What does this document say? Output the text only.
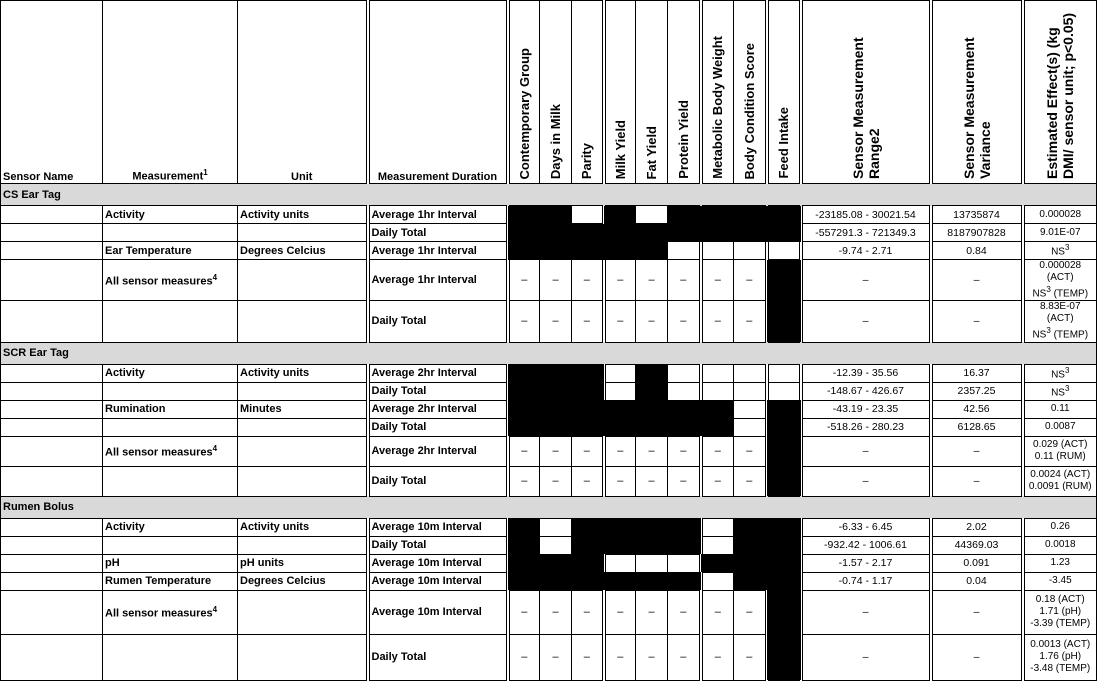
Sensor Name	Measurement$^1$	Unit	Measurement Duration	Contemporary Group	Days in Milk	Parity	Milk Yield	Fat Yield	Protein Yield	Metabolic Body Weight	Body Condition Score	Feed Intake	Sensor Measurement Range2	Sensor Measurement Variance	Estimated Effect(s) (kg DMI/ sensor unit; p<0.05)

CS Ear Tag															
	Activity	Activity units	Average 1hr Interval										-23185.08 - 30021.54	13735874	0.000028
			Daily Total										-557291.3 - 721349.3	8187907828	9.01E-07
	Ear Temperature	Degrees Celcius	Average 1hr Interval										-9.74 - 2.71	0.84	$NS^3$
	All sensor measures$^4$		Average 1hr Interval	–	–	–	–	–	–	–	–		–	–	0.000028 (ACT)
$NS^3$ (TEMP)

			Daily Total	–	–	–	–	–	–	–	–		–	–	8.83E-07 (ACT)
$NS^3$ (TEMP)

SCR Ear Tag															
	Activity	Activity units	Average 2hr Interval										-12.39 - 35.56	16.37	$NS^3$
			Daily Total										-148.67 - 426.67	2357.25	$NS^3$
	Rumination	Minutes	Average 2hr Interval										-43.19 - 23.35	42.56	0.11
			Daily Total										-518.26 - 280.23	6128.65	0.0087
	All sensor measures$^4$		Average 2hr Interval	–	–	–	–	–	–	–	–		–	–	0.029 (ACT)
0.11 (RUM)

			Daily Total	–	–	–	–	–	–	–	–		–	–	0.0024 (ACT)
0.0091 (RUM)

Rumen Bolus															
	Activity	Activity units	Average 10m Interval										-6.33 - 6.45	2.02	0.26
			Daily Total										-932.42 - 1006.61	44369.03	0.0018
	pH	pH units	Average 10m Interval										-1.57 - 2.17	0.091	1.23
	Rumen Temperature	Degrees Celcius	Average 10m Interval										-0.74 - 1.17	0.04	-3.45
	All sensor measures$^4$		Average 10m Interval	–	–	–	–	–	–	–	–		–	–	0.18 (ACT)
1.71 (pH)
-3.39 (TEMP)

			Daily Total	–	–	–	–	–	–	–	–		–	–	0.0013 (ACT)
1.76 (pH)
-3.48 (TEMP)
